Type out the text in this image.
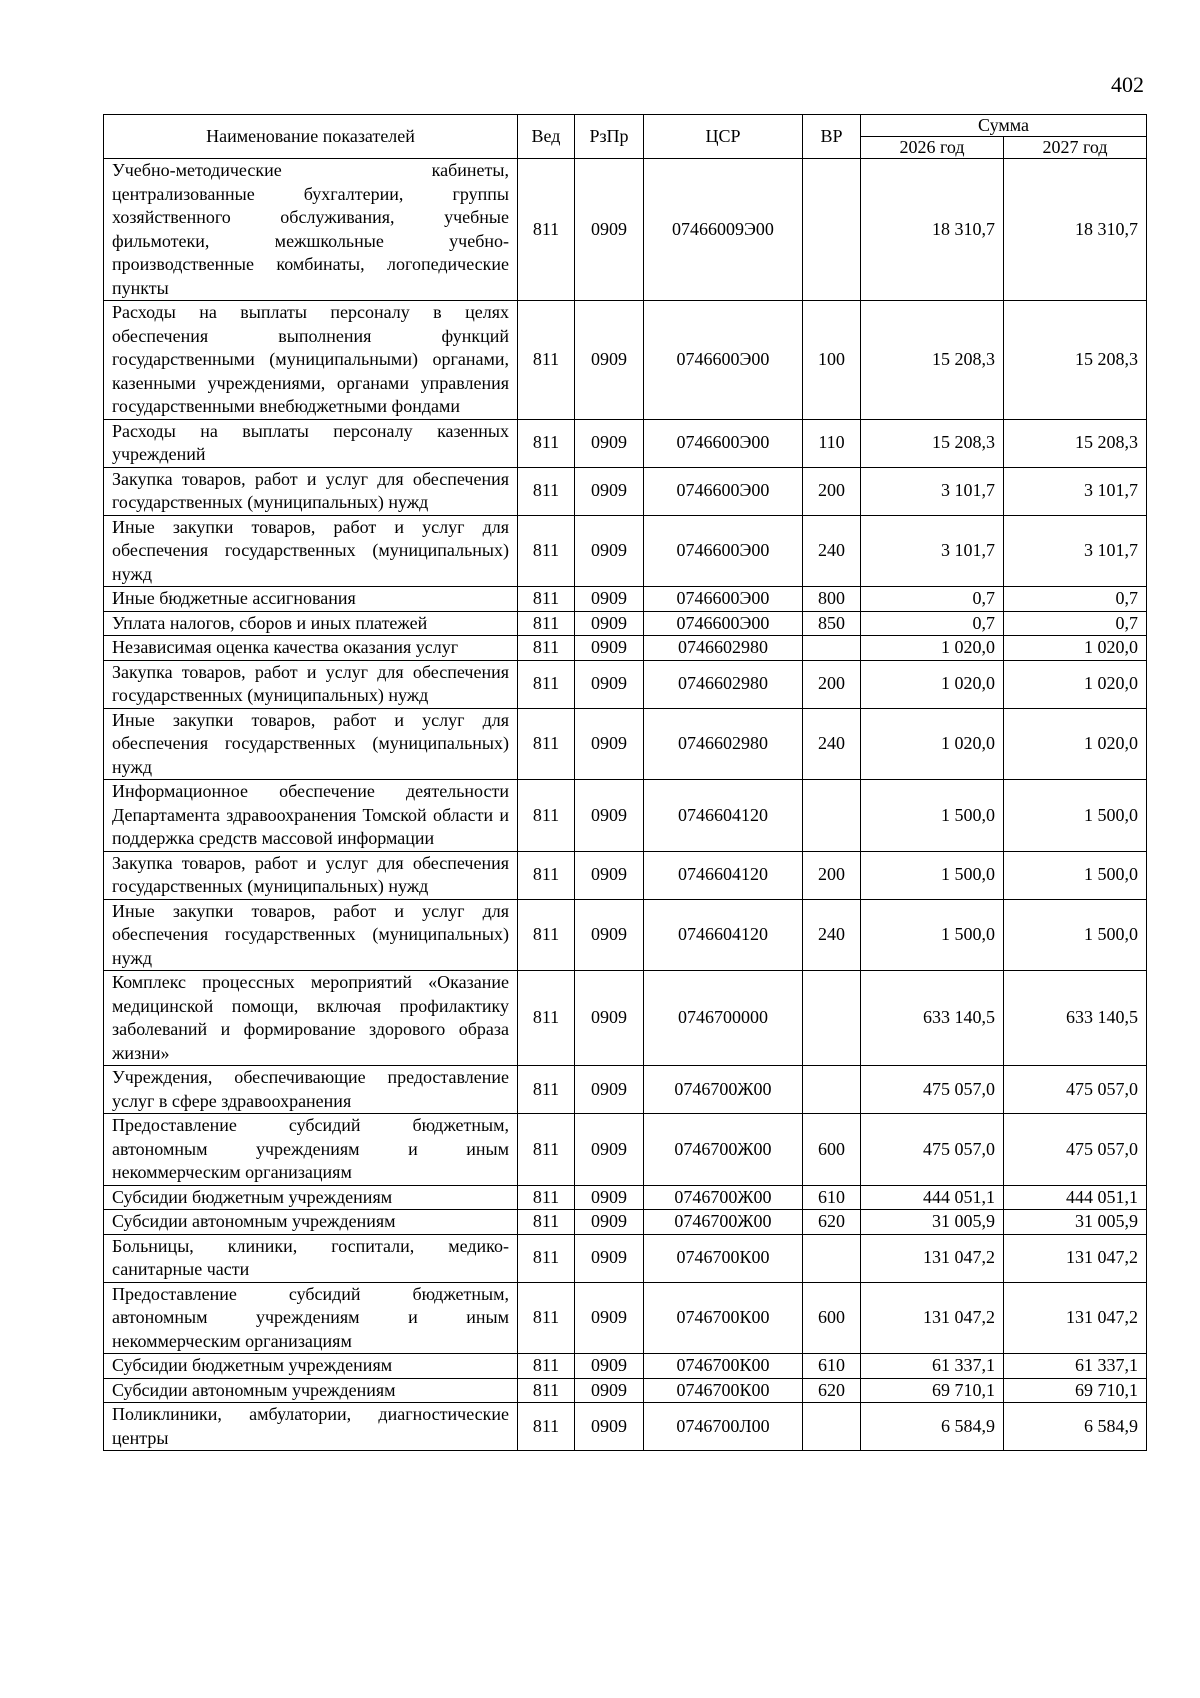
402
Наименование показателей	Вед	РзПр	ЦСР	ВР	Сумма	
					2026 год	2027 год
Учебно-методические кабинеты, централизованные бухгалтерии, группы хозяйственного обслуживания, учебные фильмотеки, межшкольные учебно-производственные комбинаты, логопедические пункты	811	0909	07466009Э00		18 310,7	18 310,7
Расходы на выплаты персоналу в целях обеспечения выполнения функций государственными (муниципальными) органами, казенными учреждениями, органами управления государственными внебюджетными фондами	811	0909	0746600Э00	100	15 208,3	15 208,3
Расходы на выплаты персоналу казенных учреждений	811	0909	0746600Э00	110	15 208,3	15 208,3
Закупка товаров, работ и услуг для обеспечения государственных (муниципальных) нужд	811	0909	0746600Э00	200	3 101,7	3 101,7
Иные закупки товаров, работ и услуг для обеспечения государственных (муниципальных) нужд	811	0909	0746600Э00	240	3 101,7	3 101,7
Иные бюджетные ассигнования	811	0909	0746600Э00	800	0,7	0,7
Уплата налогов, сборов и иных платежей	811	0909	0746600Э00	850	0,7	0,7
Независимая оценка качества оказания услуг	811	0909	0746602980		1 020,0	1 020,0
Закупка товаров, работ и услуг для обеспечения государственных (муниципальных) нужд	811	0909	0746602980	200	1 020,0	1 020,0
Иные закупки товаров, работ и услуг для обеспечения государственных (муниципальных) нужд	811	0909	0746602980	240	1 020,0	1 020,0
Информационное обеспечение деятельности Департамента здравоохранения Томской области и поддержка средств массовой информации	811	0909	0746604120		1 500,0	1 500,0
Закупка товаров, работ и услуг для обеспечения государственных (муниципальных) нужд	811	0909	0746604120	200	1 500,0	1 500,0
Иные закупки товаров, работ и услуг для обеспечения государственных (муниципальных) нужд	811	0909	0746604120	240	1 500,0	1 500,0
Комплекс процессных мероприятий «Оказание медицинской помощи, включая профилактику заболеваний и формирование здорового образа жизни»	811	0909	0746700000		633 140,5	633 140,5
Учреждения, обеспечивающие предоставление услуг в сфере здравоохранения	811	0909	0746700Ж00		475 057,0	475 057,0
Предоставление субсидий бюджетным, автономным учреждениям и иным некоммерческим организациям	811	0909	0746700Ж00	600	475 057,0	475 057,0
Субсидии бюджетным учреждениям	811	0909	0746700Ж00	610	444 051,1	444 051,1
Субсидии автономным учреждениям	811	0909	0746700Ж00	620	31 005,9	31 005,9
Больницы, клиники, госпитали, медико-санитарные части	811	0909	0746700К00		131 047,2	131 047,2
Предоставление субсидий бюджетным, автономным учреждениям и иным некоммерческим организациям	811	0909	0746700К00	600	131 047,2	131 047,2
Субсидии бюджетным учреждениям	811	0909	0746700К00	610	61 337,1	61 337,1
Субсидии автономным учреждениям	811	0909	0746700К00	620	69 710,1	69 710,1
Поликлиники, амбулатории, диагностические центры	811	0909	0746700Л00		6 584,9	6 584,9
